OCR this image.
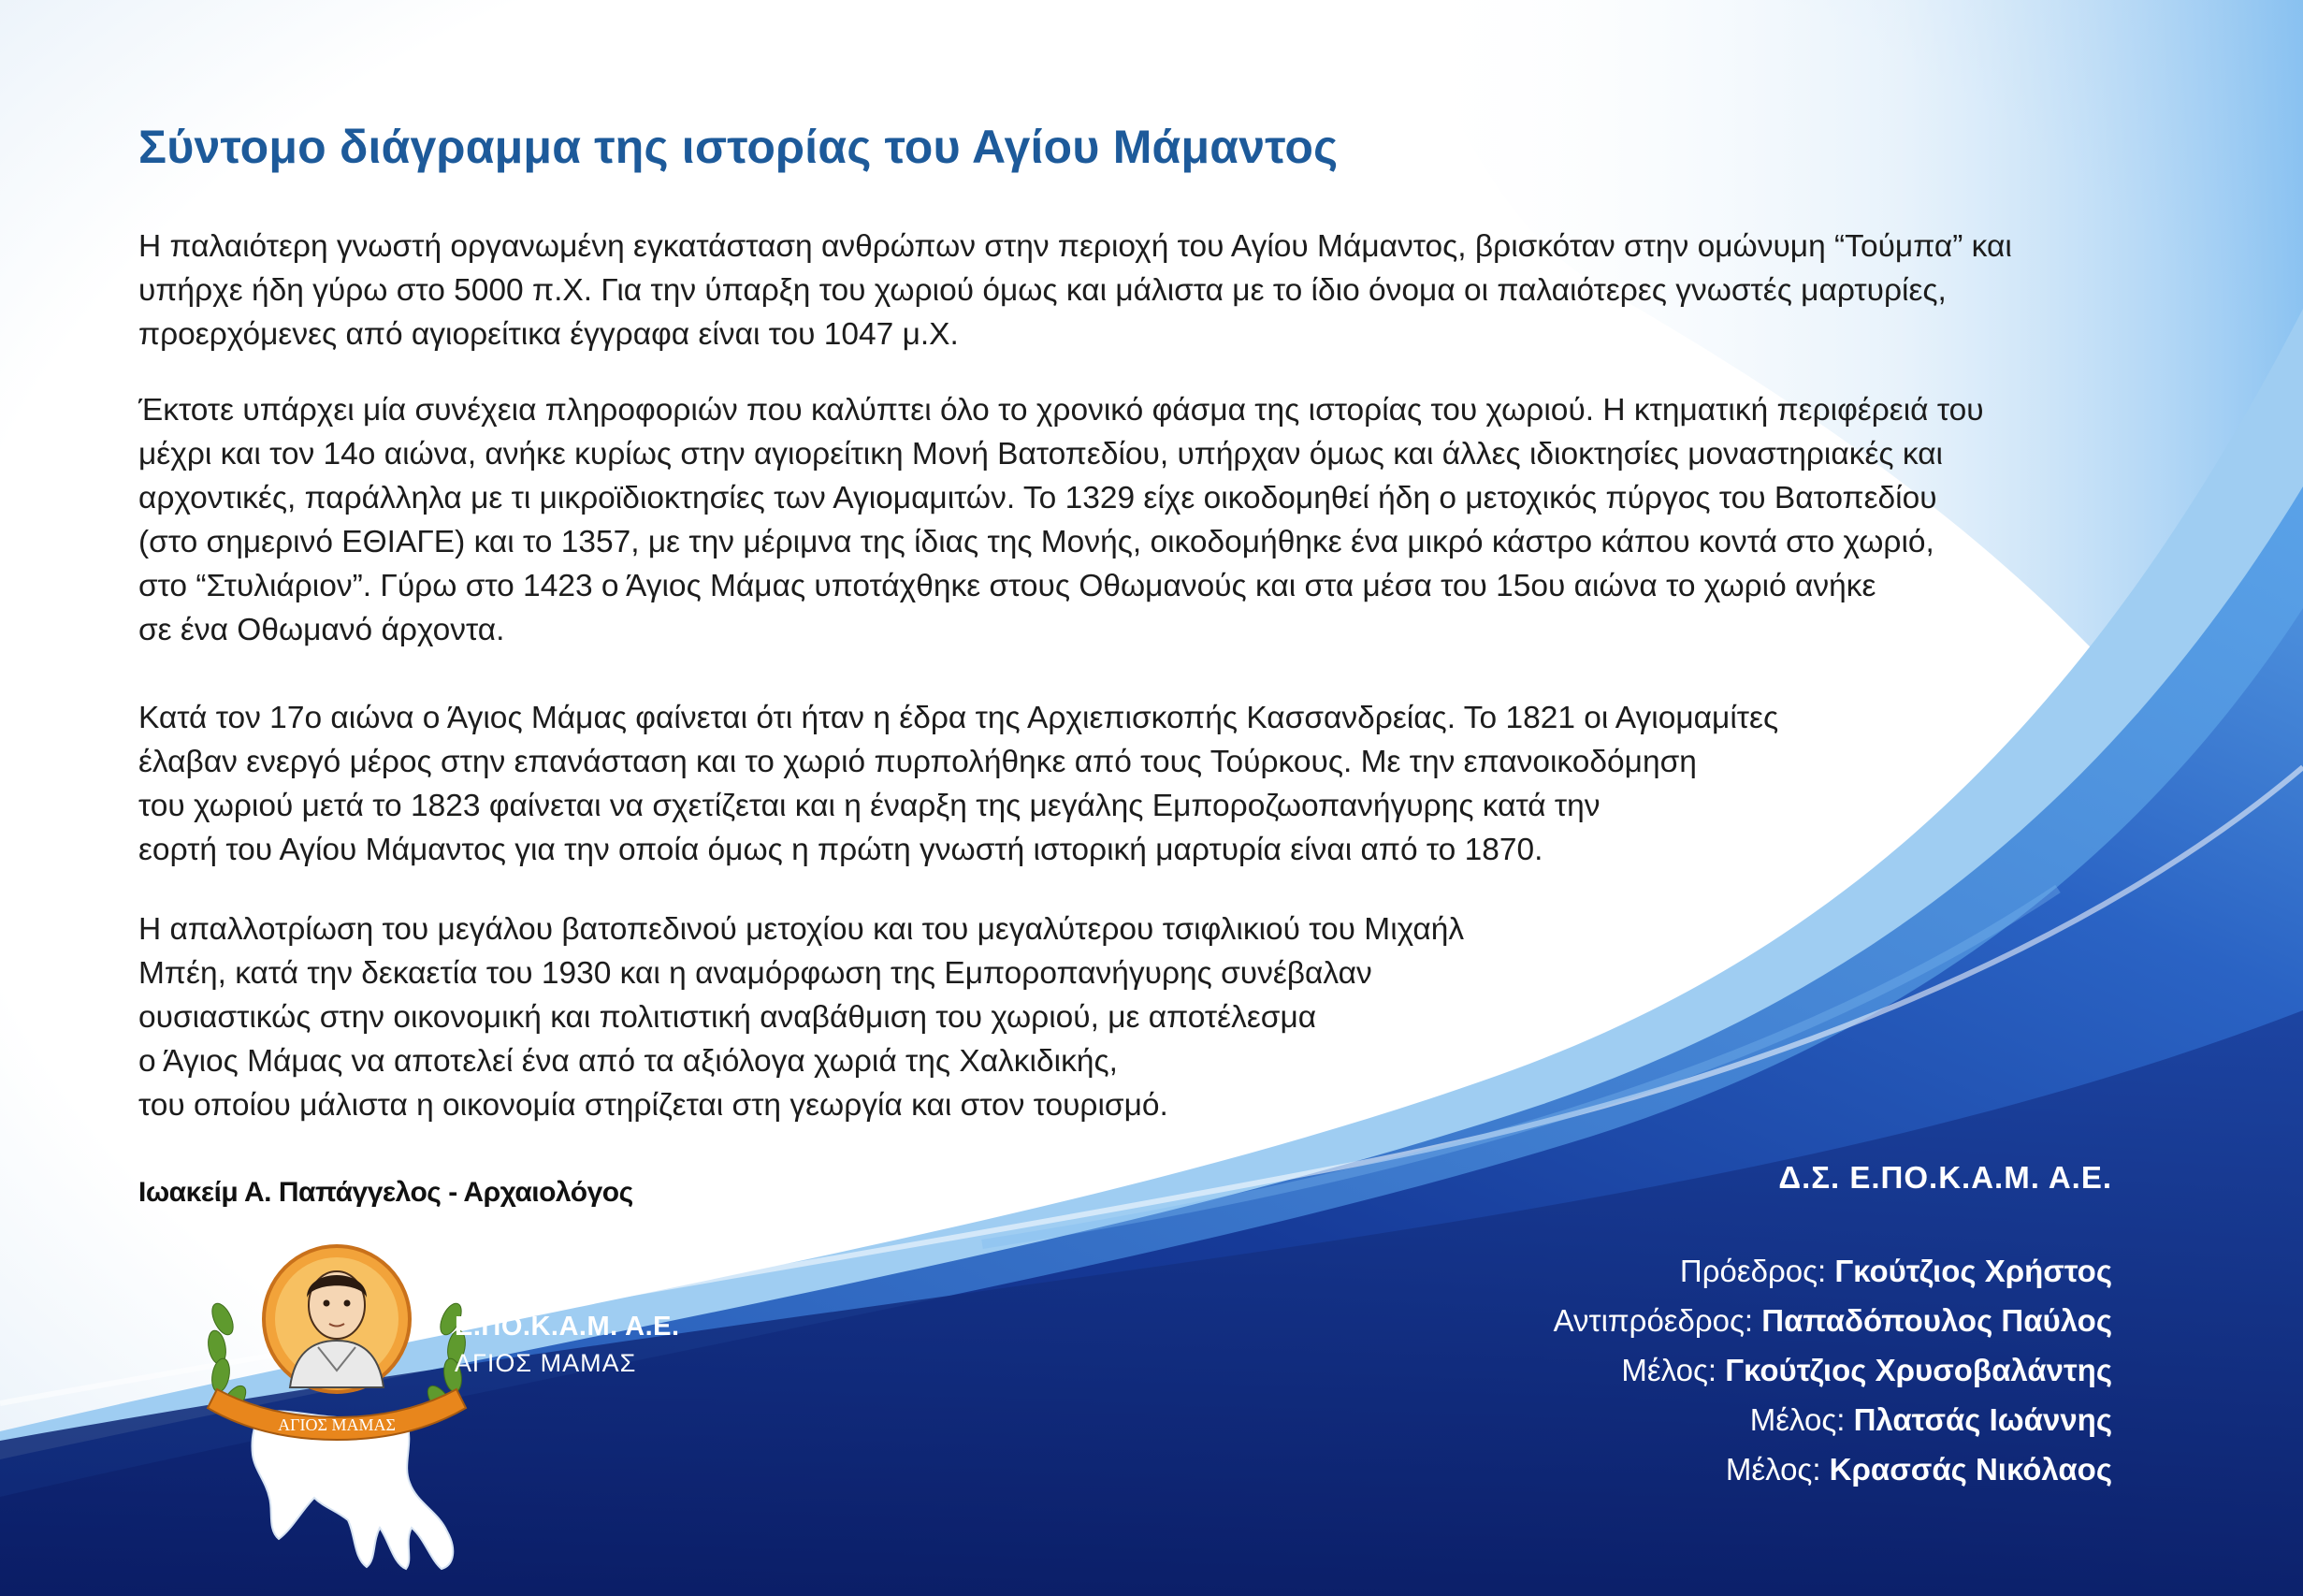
Σύντομο διάγραμμα της ιστορίας του Αγίου Μάμαντος

Η παλαιότερη γνωστή οργανωμένη εγκατάσταση ανθρώπων στην περιοχή του Αγίου Μάμαντος, βρισκόταν στην ομώνυμη “Τούμπα” και
υπήρχε ήδη γύρω στο 5000 π.Χ. Για την ύπαρξη του χωριού όμως και μάλιστα με το ίδιο όνομα οι παλαιότερες γνωστές μαρτυρίες,
προερχόμενες από αγιορείτικα έγγραφα είναι του 1047 μ.Χ.

Έκτοτε υπάρχει μία συνέχεια πληροφοριών που καλύπτει όλο το χρονικό φάσμα της ιστορίας του χωριού. Η κτηματική περιφέρειά του
μέχρι και τον 14ο αιώνα, ανήκε κυρίως στην αγιορείτικη Μονή Βατοπεδίου, υπήρχαν όμως και άλλες ιδιοκτησίες μοναστηριακές και
αρχοντικές, παράλληλα με τι μικροϊδιοκτησίες των Αγιομαμιτών. Το 1329 είχε οικοδομηθεί ήδη ο μετοχικός πύργος του Βατοπεδίου
(στο σημερινό ΕΘΙΑΓΕ) και το 1357, με την μέριμνα της ίδιας της Μονής, οικοδομήθηκε ένα μικρό κάστρο κάπου κοντά στο χωριό,
στο “Στυλιάριον”. Γύρω στο 1423 ο Άγιος Μάμας υποτάχθηκε στους Οθωμανούς και στα μέσα του 15ου αιώνα το χωριό ανήκε
σε ένα Οθωμανό άρχοντα.

Κατά τον 17ο αιώνα ο Άγιος Μάμας φαίνεται ότι ήταν η έδρα της Αρχιεπισκοπής Κασσανδρείας. Το 1821 οι Αγιομαμίτες
έλαβαν ενεργό μέρος στην επανάσταση και το χωριό πυρπολήθηκε από τους Τούρκους. Με την επανοικοδόμηση
του χωριού μετά το 1823 φαίνεται να σχετίζεται και η έναρξη της μεγάλης Εμποροζωοπανήγυρης κατά την
εορτή του Αγίου Μάμαντος για την οποία όμως η πρώτη γνωστή ιστορική μαρτυρία είναι από το 1870.

Η απαλλοτρίωση του μεγάλου βατοπεδινού μετοχίου και του μεγαλύτερου τσιφλικιού του Μιχαήλ
Μπέη, κατά την δεκαετία του 1930 και η αναμόρφωση της Εμποροπανήγυρης συνέβαλαν
ουσιαστικώς στην οικονομική και πολιτιστική αναβάθμιση του χωριού, με αποτέλεσμα
ο Άγιος Μάμας να αποτελεί ένα από τα αξιόλογα χωριά της Χαλκιδικής,
του οποίου μάλιστα η οικονομία στηρίζεται στη γεωργία και στον τουρισμό.

Ιωακείμ Α. Παπάγγελος - Αρχαιολόγος	Δ.Σ. Ε.ΠΟ.Κ.Α.Μ. Α.Ε.
Πρόεδρος: Γκούτζιος Χρήστος
Αντιπρόεδρος: Παπαδόπουλος Παύλος
Μέλος: Γκούτζιος Χρυσοβαλάντης
Μέλος: Πλατσάς Ιωάννης
Μέλος: Κρασσάς Νικόλαος
ΑΓΙΟΣ ΜΑΜΑΣ
Ε.ΠΟ.Κ.Α.Μ. Α.Ε.
ΑΓΙΟΣ ΜΑΜΑΣ
